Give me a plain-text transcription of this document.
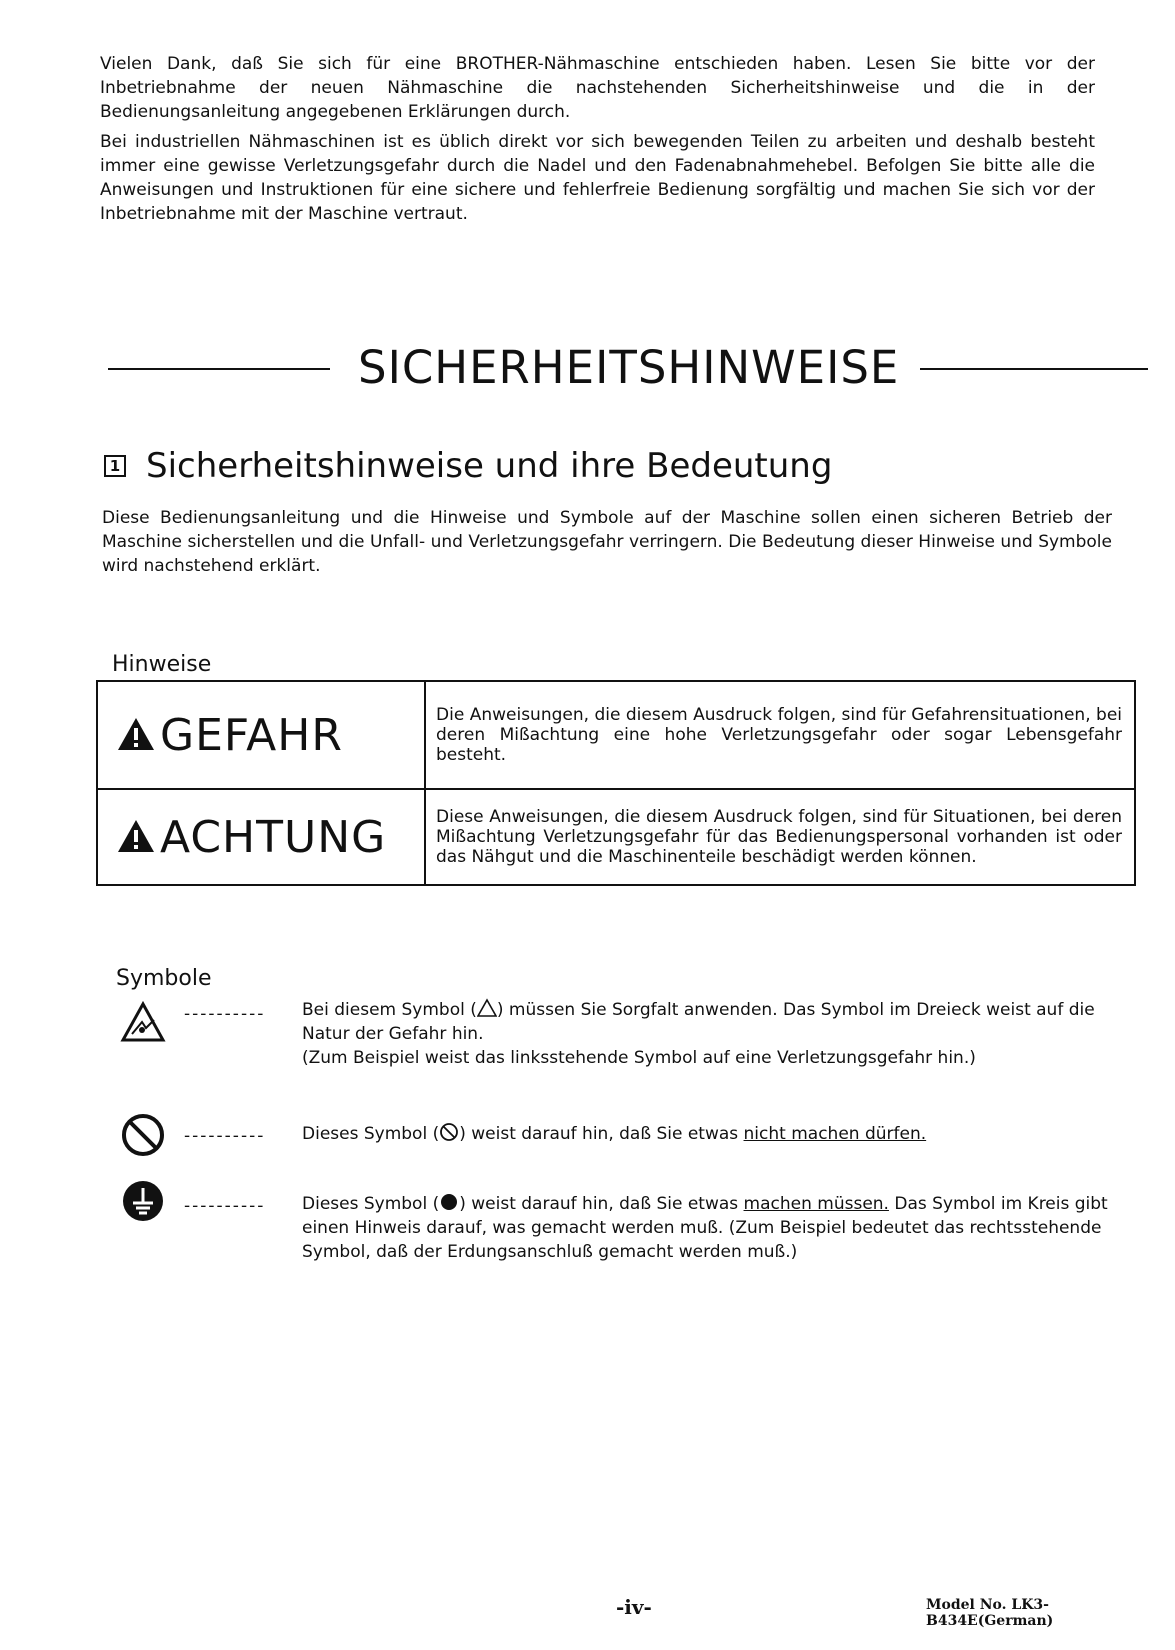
Vielen Dank, daß Sie sich für eine BROTHER-Nähmaschine entschieden haben. Lesen Sie bitte vor der Inbetriebnahme der neuen Nähmaschine die nachstehenden Sicherheitshinweise und die in der Bedienungsanleitung angegebenen Erklärungen durch.

Bei industriellen Nähmaschinen ist es üblich direkt vor sich bewegenden Teilen zu arbeiten und deshalb besteht immer eine gewisse Verletzungsgefahr durch die Nadel und den Fadenabnahmehebel. Befolgen Sie bitte alle die Anweisungen und Instruktionen für eine sichere und fehlerfreie Bedienung sorgfältig und machen Sie sich vor der Inbetriebnahme mit der Maschine vertraut.

SICHERHEITSHINWEISE
1 Sicherheitshinweise und ihre Bedeutung

Diese Bedienungsanleitung und die Hinweise und Symbole auf der Maschine sollen einen sicheren Betrieb der Maschine sicherstellen und die Unfall- und Verletzungsgefahr verringern. Die Bedeutung dieser Hinweise und Symbole wird nachstehend erklärt.

Hinweise
GEFAHR	Die Anweisungen, die diesem Ausdruck folgen, sind für Gefahrensituationen, bei deren Mißachtung eine hohe Verletzungsgefahr oder sogar Lebensgefahr besteht.
ACHTUNG	Diese Anweisungen, die diesem Ausdruck folgen, sind für Situationen, bei deren Mißachtung Verletzungsgefahr für das Bedienungspersonal vorhanden ist oder das Nähgut und die Maschinenteile beschädigt werden können.
Symbole
---------- Bei diesem Symbol ( ) müssen Sie Sorgfalt anwenden. Das Symbol im Dreieck weist auf die Natur der Gefahr hin.
(Zum Beispiel weist das linksstehende Symbol auf eine Verletzungsgefahr hin.)
---------- Dieses Symbol ( ) weist darauf hin, daß Sie etwas nicht machen dürfen.
---------- Dieses Symbol ( ) weist darauf hin, daß Sie etwas machen müssen. Das Symbol im Kreis gibt einen Hinweis darauf, was gemacht werden muß. (Zum Beispiel bedeutet das rechtsstehende Symbol, daß der Erdungsanschluß gemacht werden muß.)
-iv-	Model No. LK3-B434E(German)
